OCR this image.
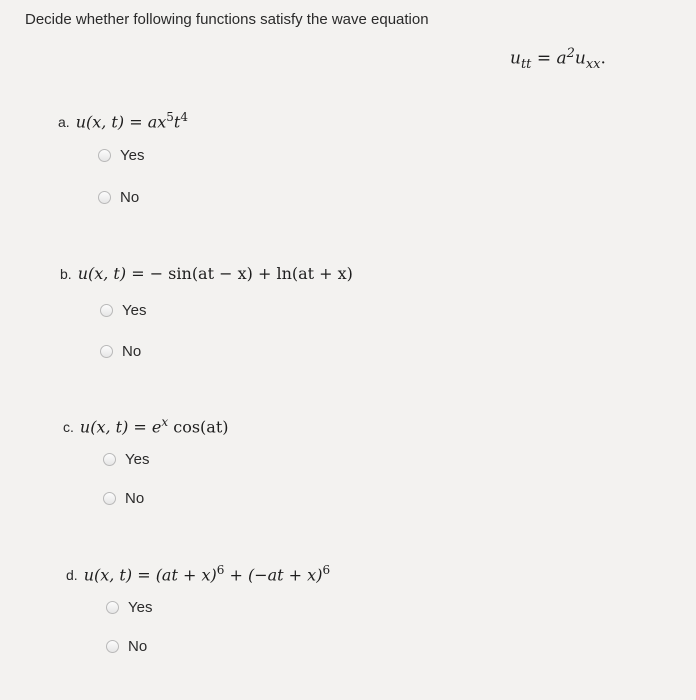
Decide whether following functions satisfy the wave equation
$u_{tt} = a^2u_{xx}$.
a. u(x, $t) = ax^5t^4$
Yes
No
b. u(x, t) = − sin(at − x) + ln(at + x)
Yes
No
c. u(x, $t) = e^x$ cos(at)
Yes
No
d. u(x, $t) = (at + x)^6 + (-at + x)^6$
Yes
No
